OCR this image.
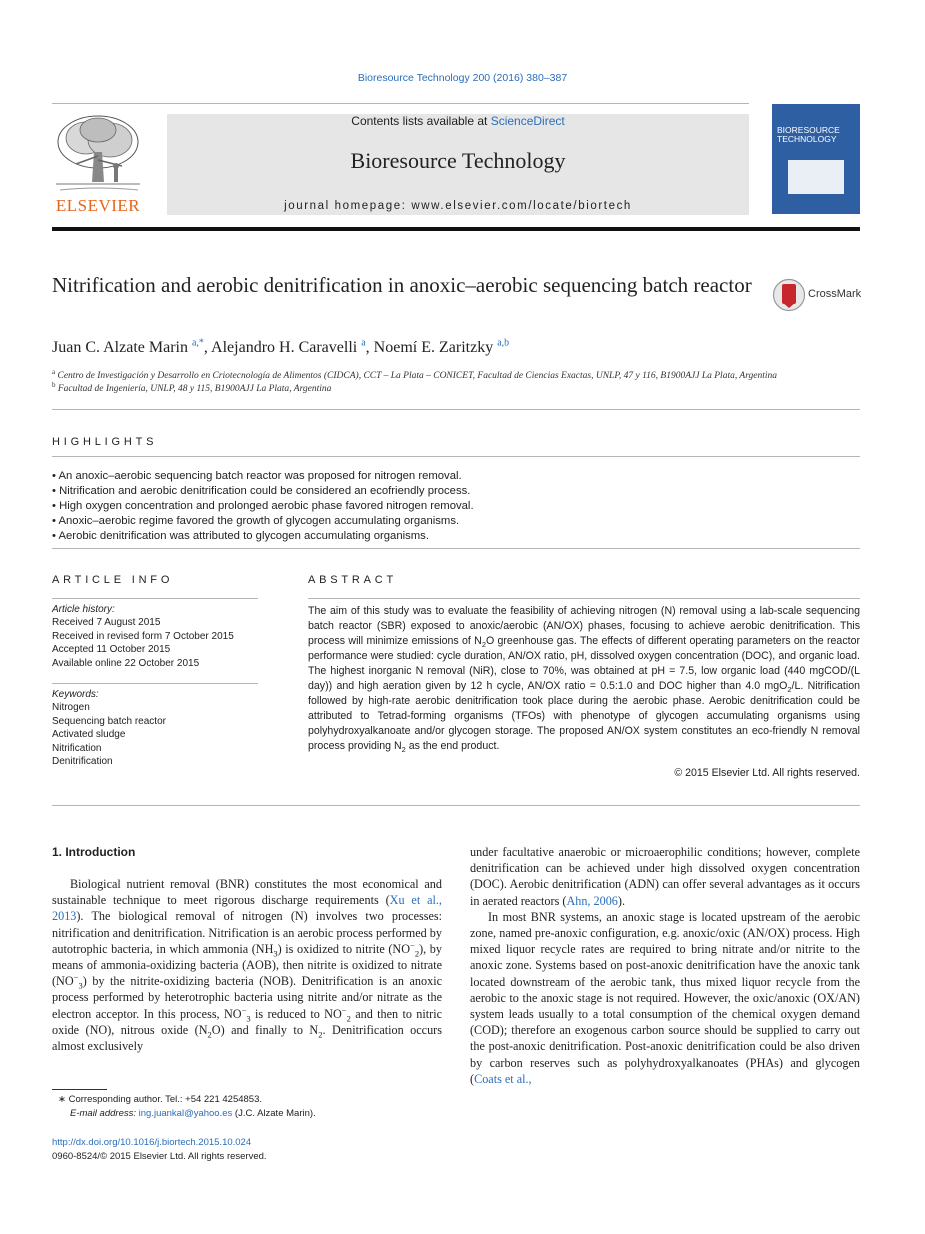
Bioresource Technology 200 (2016) 380–387
ELSEVIER
Contents lists available at ScienceDirect
Bioresource Technology
journal homepage: www.elsevier.com/locate/biortech
BIORESOURCE TECHNOLOGY
Nitrification and aerobic denitrification in anoxic–aerobic sequencing batch reactor	CrossMark
Juan C. Alzate Marin $^{a,*}$, Alejandro H. Caravelli $^a$, Noemí E. Zaritzky $^{a,b}$
$^a$ Centro de Investigación y Desarrollo en Criotecnología de Alimentos (CIDCA), CCT – La Plata – CONICET, Facultad de Ciencias Exactas, UNLP, 47 y 116, B1900AJJ La Plata, Argentina
$^b$ Facultad de Ingeniería, UNLP, 48 y 115, B1900AJJ La Plata, Argentina
HIGHLIGHTS
• An anoxic–aerobic sequencing batch reactor was proposed for nitrogen removal.
• Nitrification and aerobic denitrification could be considered an ecofriendly process.
• High oxygen concentration and prolonged aerobic phase favored nitrogen removal.
• Anoxic–aerobic regime favored the growth of glycogen accumulating organisms.
• Aerobic denitrification was attributed to glycogen accumulating organisms.
ARTICLE INFO
Article history:
Received 7 August 2015
Received in revised form 7 October 2015
Accepted 11 October 2015
Available online 22 October 2015
Keywords:
Nitrogen
Sequencing batch reactor
Activated sludge
Nitrification
Denitrification
ABSTRACT
The aim of this study was to evaluate the feasibility of achieving nitrogen (N) removal using a lab-scale sequencing batch reactor (SBR) exposed to anoxic/aerobic (AN/OX) phases, focusing to achieve aerobic denitrification. This process will minimize emissions of $N_2O$ greenhouse gas. The effects of different operating parameters on the reactor performance were studied: cycle duration, AN/OX ratio, pH, dissolved oxygen concentration (DOC), and organic load. The highest inorganic N removal (NiR), close to 70%, was obtained at pH = 7.5, low organic load (440 mgCOD/(L day)) and high aeration given by 12 h cycle, AN/OX ratio = 0.5:1.0 and DOC higher than 4.0 mgO$_2$/L. Nitrification followed by high-rate aerobic denitrification took place during the aerobic phase. Aerobic denitrification could be attributed to Tetrad-forming organisms (TFOs) with phenotype of glycogen accumulating organisms using polyhydroxyalkanoate and/or glycogen storage. The proposed AN/OX system constitutes an eco-friendly N removal process providing $N_2$ as the end product.
© 2015 Elsevier Ltd. All rights reserved.
1. Introduction

Biological nutrient removal (BNR) constitutes the most economical and sustainable technique to meet rigorous discharge requirements (Xu et al., 2013). The biological removal of nitrogen (N) involves two processes: nitrification and denitrification. Nitrification is an aerobic process performed by autotrophic bacteria, in which ammonia $(NH_3)$ is oxidized to nitrite $(NO^-_2)$, by means of ammonia-oxidizing bacteria (AOB), then nitrite is oxidized to nitrate $(NO^-_3)$ by the nitrite-oxidizing bacteria (NOB). Denitrification is an anoxic process performed by heterotrophic bacteria using nitrite and/or nitrate as the electron acceptor. In this process, $NO^-_3$ is reduced to $NO^-_2$ and then to nitric oxide (NO), nitrous oxide $(N_2O)$ and finally to $N_2$. Denitrification occurs almost exclusively

under facultative anaerobic or microaerophilic conditions; however, complete denitrification can be achieved under high dissolved oxygen concentration (DOC). Aerobic denitrification (ADN) can offer several advantages as it occurs in aerated reactors (Ahn, 2006).

In most BNR systems, an anoxic stage is located upstream of the aerobic zone, named pre-anoxic configuration, e.g. anoxic/oxic (AN/OX) process. High mixed liquor recycle rates are required to bring nitrate and/or nitrite to the anoxic zone. Systems based on post-anoxic denitrification have the anoxic tank located downstream of the aerobic tank, thus mixed liquor recycle from the aerobic to the anoxic stage is not required. However, the oxic/anoxic (OX/AN) system leads usually to a total consumption of the chemical oxygen demand (COD); therefore an exogenous carbon source should be supplied to carry out the post-anoxic denitrification. Post-anoxic denitrification could be also driven by carbon reserves such as polyhydroxyalkanoates (PHAs) and glycogen (Coats et al.,

∗ Corresponding author. Tel.: +54 221 4254853.
E-mail address: ing.juankal@yahoo.es (J.C. Alzate Marin).
http://dx.doi.org/10.1016/j.biortech.2015.10.024
0960-8524/© 2015 Elsevier Ltd. All rights reserved.
